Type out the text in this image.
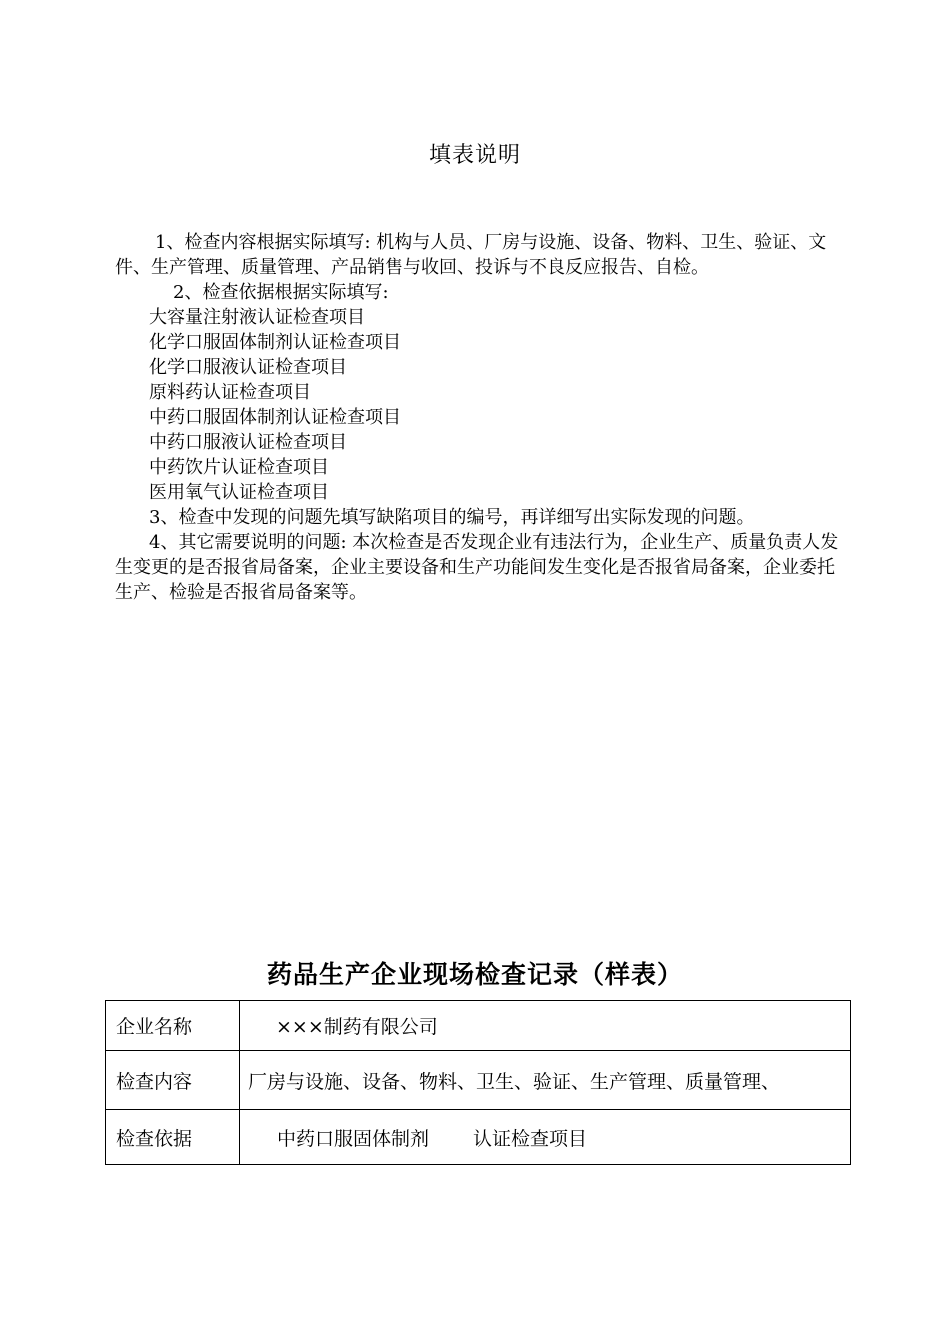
填表说明

1、检查内容根据实际填写: 机构与人员、厂房与设施、设备、物料、卫生、验证、文件、生产管理、质量管理、产品销售与收回、投诉与不良反应报告、自检。

2、检查依据根据实际填写:

大容量注射液认证检查项目
化学口服固体制剂认证检查项目
化学口服液认证检查项目
原料药认证检查项目
中药口服固体制剂认证检查项目
中药口服液认证检查项目
中药饮片认证检查项目
医用氧气认证检查项目

3、检查中发现的问题先填写缺陷项目的编号，再详细写出实际发现的问题。

4、其它需要说明的问题: 本次检查是否发现企业有违法行为，企业生产、质量负责人发生变更的是否报省局备案，企业主要设备和生产功能间发生变化是否报省局备案，企业委托生产、检验是否报省局备案等。

药品生产企业现场检查记录（样表）
企业名称	×××制药有限公司
检查内容	厂房与设施、设备、物料、卫生、验证、生产管理、质量管理、
检查依据	中药口服固体制剂 认证检查项目
